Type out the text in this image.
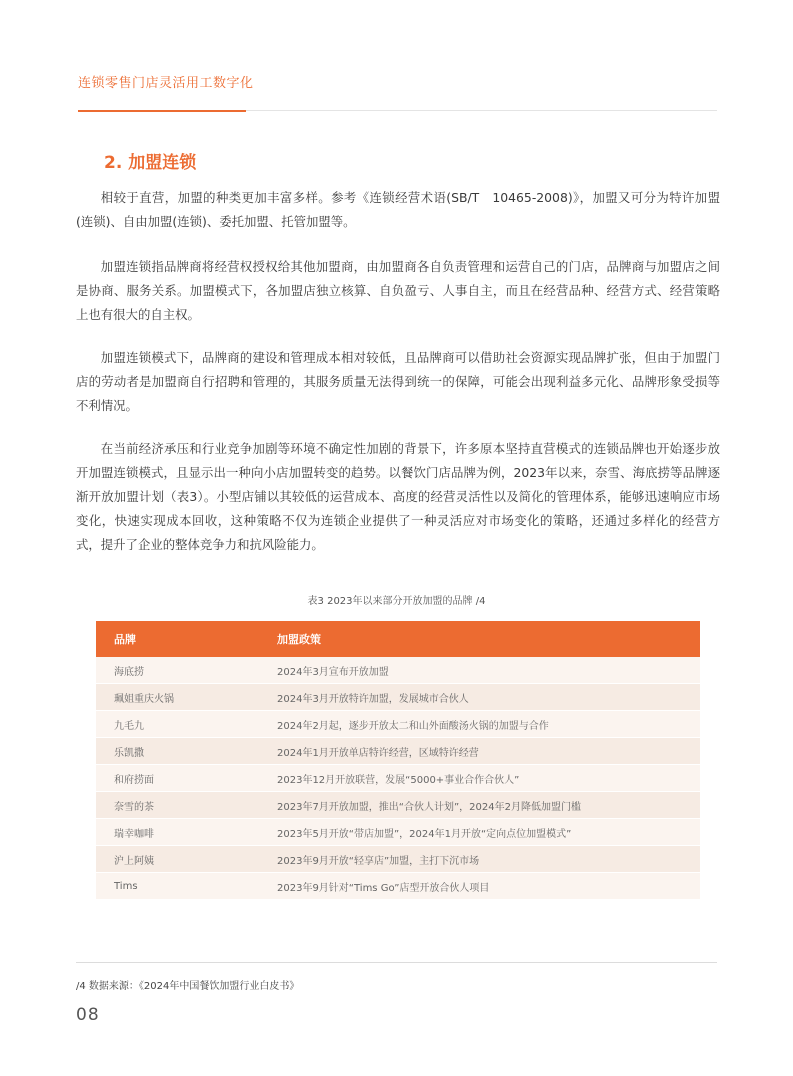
连锁零售门店灵活用工数字化
2. 加盟连锁

相较于直营，加盟的种类更加丰富多样。参考《连锁经营术语(SB/T　10465-2008)》，加盟又可分为特许加盟(连锁)、自由加盟(连锁)、委托加盟、托管加盟等。

加盟连锁指品牌商将经营权授权给其他加盟商，由加盟商各自负责管理和运营自己的门店，品牌商与加盟店之间是协商、服务关系。加盟模式下，各加盟店独立核算、自负盈亏、人事自主，而且在经营品种、经营方式、经营策略上也有很大的自主权。

加盟连锁模式下，品牌商的建设和管理成本相对较低，且品牌商可以借助社会资源实现品牌扩张，但由于加盟门店的劳动者是加盟商自行招聘和管理的，其服务质量无法得到统一的保障，可能会出现利益多元化、品牌形象受损等不利情况。

在当前经济承压和行业竞争加剧等环境不确定性加剧的背景下，许多原本坚持直营模式的连锁品牌也开始逐步放开加盟连锁模式，且显示出一种向小店加盟转变的趋势。以餐饮门店品牌为例，2023年以来，奈雪、海底捞等品牌逐渐开放加盟计划（表3）。小型店铺以其较低的运营成本、高度的经营灵活性以及简化的管理体系，能够迅速响应市场变化，快速实现成本回收，这种策略不仅为连锁企业提供了一种灵活应对市场变化的策略，还通过多样化的经营方式，提升了企业的整体竞争力和抗风险能力。

表3 2023年以来部分开放加盟的品牌 /4
品牌	加盟政策
海底捞	2024年3月宣布开放加盟
珮姐重庆火锅	2024年3月开放特许加盟，发展城市合伙人
九毛九	2024年2月起，逐步开放太二和山外面酸汤火锅的加盟与合作
乐凯撒	2024年1月开放单店特许经营，区域特许经营
和府捞面	2023年12月开放联营，发展“5000+事业合作合伙人”
奈雪的茶	2023年7月开放加盟，推出“合伙人计划”，2024年2月降低加盟门槛
瑞幸咖啡	2023年5月开放“带店加盟”，2024年1月开放“定向点位加盟模式”
沪上阿姨	2023年9月开放“轻享店”加盟，主打下沉市场
Tims	2023年9月针对“Tims Go”店型开放合伙人项目
/4 数据来源：《2024年中国餐饮加盟行业白皮书》
08
